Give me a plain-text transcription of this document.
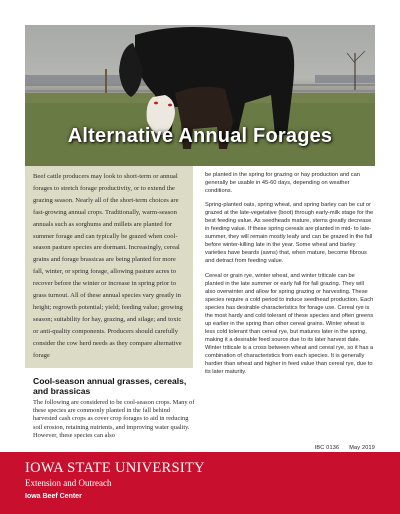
Alternative Annual Forages

Beef cattle producers may look to short-term or annual forages to stretch forage productivity, or to extend the grazing season. Nearly all of the short-term choices are fast-growing annual crops. Traditionally, warm-season annuals such as sorghums and millets are planted for summer forage and can typically be grazed when cool-season pasture species are dormant. Increasingly, cereal grains and forage brassicas are being planted for more fall, winter, or spring forage, allowing pasture acres to recover before the winter or increase in spring prior to grass turnout. All of these annual species vary greatly in height; regrowth potential; yield; feeding value; growing season; suitability for hay, grazing, and silage; and toxic or anti-quality components. Producers should carefully consider the cow herd needs as they compare alternative forage

Cool-season annual grasses, cereals, and brassicas

The following are considered to be cool-season crops. Many of these species are commonly planted in the fall behind harvested cash crops as cover crop forages to aid in reducing soil erosion, retaining nutrients, and improving water quality. However, these species can also

be planted in the spring for grazing or hay production and can generally be usable in 45-60 days, depending on weather conditions.

Spring-planted oats, spring wheat, and spring barley can be cut or grazed at the late-vegetative (boot) through early-milk stage for the best feeding value. As seedheads mature, stems greatly decrease in feeding value. If these spring cereals are planted in mid- to late-summer, they will remain mostly leafy and can be grazed in the fall before winter-killing late in the year. Some wheat and barley varieties have beards (awns) that, when mature, become fibrous and detract from feeding value.

Cereal or grain rye, winter wheat, and winter triticale can be planted in the late summer or early fall for fall grazing. They will also overwinter and allow for spring grazing or harvesting. These species require a cold period to induce seedhead production. Each species has desirable characteristics for forage use. Cereal rye is the most hardy and cold tolerant of these species and often greens up earlier in the spring than other cereal grains. Winter wheat is less cold tolerant than cereal rye, but matures later in the spring, making it a desirable feed source due to its later harvest date. Winter triticale is a cross between wheat and cereal rye, so it has a combination of characteristics from each species. It is generally hardier than wheat and higher in feed value than cereal rye, due to its later maturity.

IBC 0136 May 2019
IOWA STATE UNIVERSITY
Extension and Outreach
Iowa Beef Center
